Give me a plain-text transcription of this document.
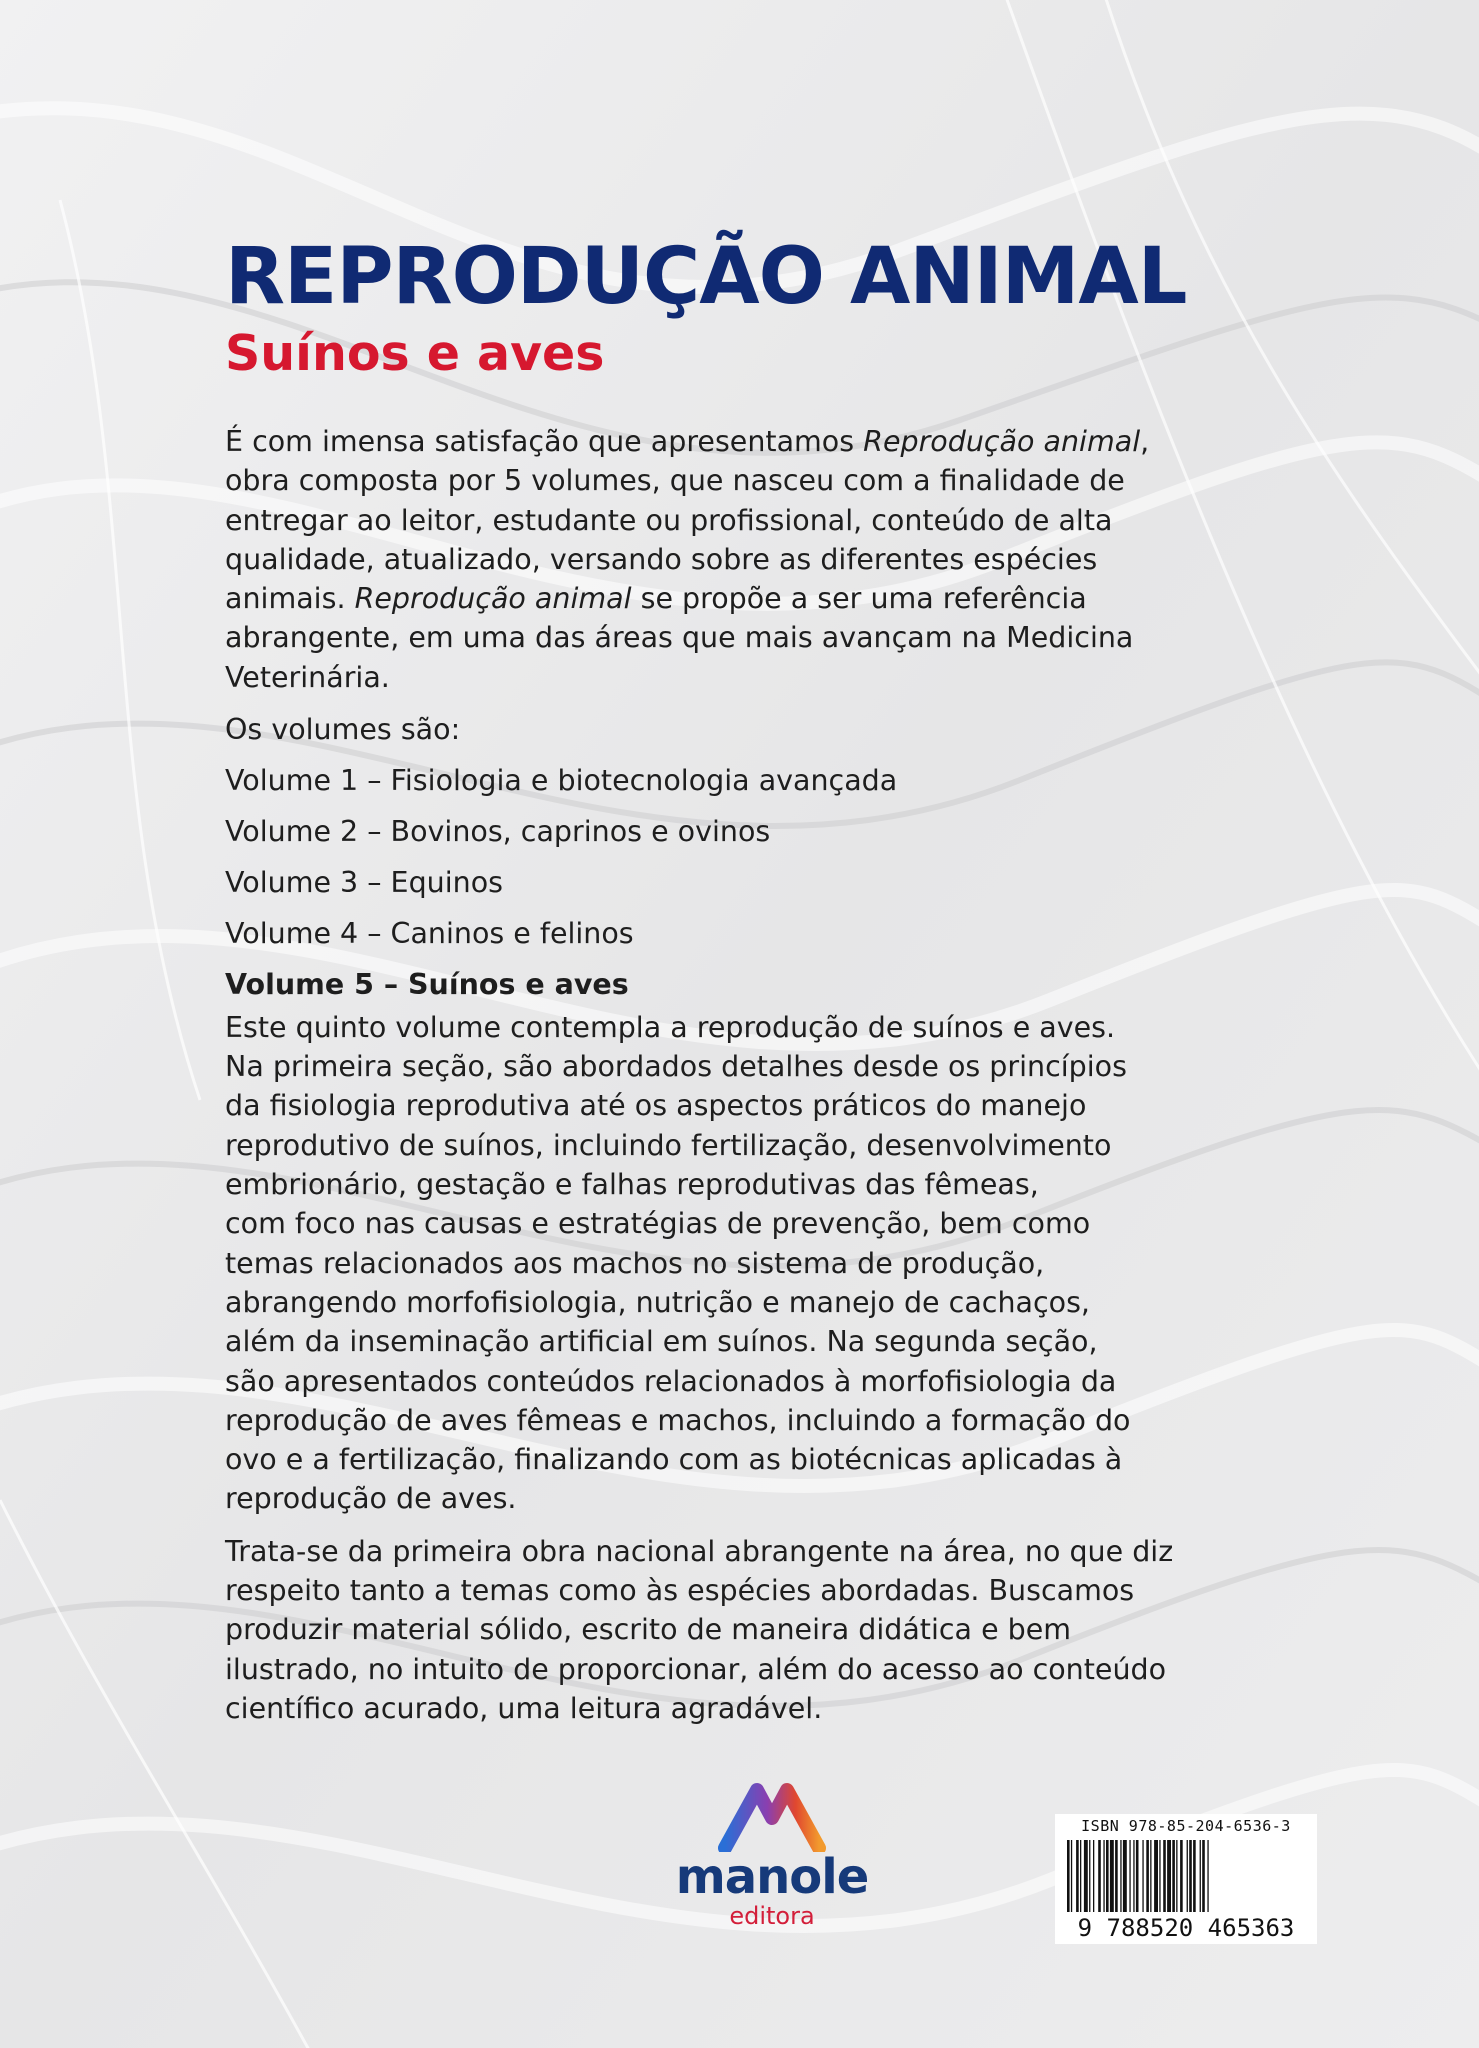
REPRODUÇÃO ANIMAL
Suínos e aves

É com imensa satisfação que apresentamos Reprodução animal,

obra composta por 5 volumes, que nasceu com a finalidade de

entregar ao leitor, estudante ou profissional, conteúdo de alta

qualidade, atualizado, versando sobre as diferentes espécies

animais. Reprodução animal se propõe a ser uma referência

abrangente, em uma das áreas que mais avançam na Medicina

Veterinária.

Os volumes são:

Volume 1 – Fisiologia e biotecnologia avançada

Volume 2 – Bovinos, caprinos e ovinos

Volume 3 – Equinos

Volume 4 – Caninos e felinos

Volume 5 – Suínos e aves

Este quinto volume contempla a reprodução de suínos e aves.

Na primeira seção, são abordados detalhes desde os princípios

da fisiologia reprodutiva até os aspectos práticos do manejo

reprodutivo de suínos, incluindo fertilização, desenvolvimento

embrionário, gestação e falhas reprodutivas das fêmeas,

com foco nas causas e estratégias de prevenção, bem como

temas relacionados aos machos no sistema de produção,

abrangendo morfofisiologia, nutrição e manejo de cachaços,

além da inseminação artificial em suínos. Na segunda seção,

são apresentados conteúdos relacionados à morfofisiologia da

reprodução de aves fêmeas e machos, incluindo a formação do

ovo e a fertilização, finalizando com as biotécnicas aplicadas à

reprodução de aves.

Trata-se da primeira obra nacional abrangente na área, no que diz

respeito tanto a temas como às espécies abordadas. Buscamos

produzir material sólido, escrito de maneira didática e bem

ilustrado, no intuito de proporcionar, além do acesso ao conteúdo

científico acurado, uma leitura agradável.

manole
editora
ISBN 978-85-204-6536-3
9 788520 465363
